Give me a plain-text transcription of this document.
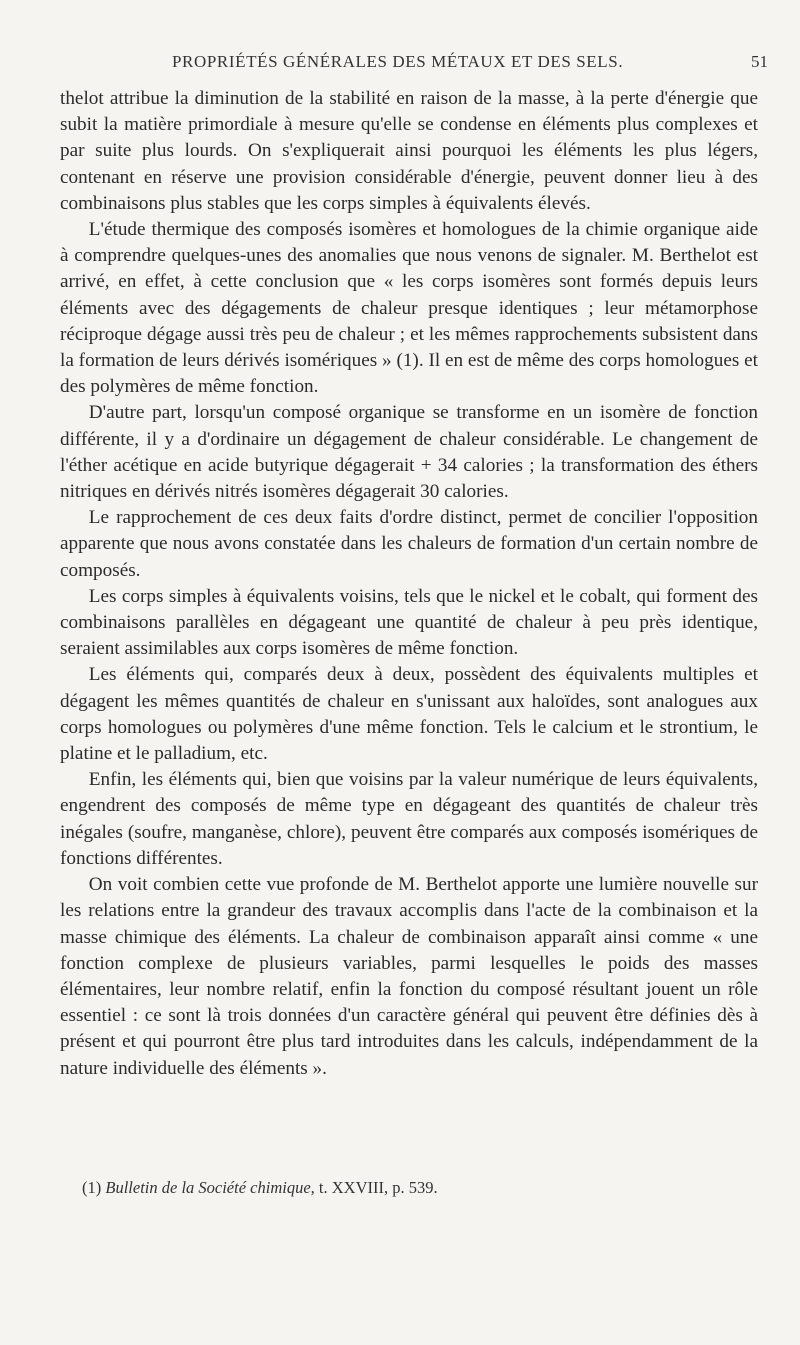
PROPRIÉTÉS GÉNÉRALES DES MÉTAUX ET DES SELS.	51

thelot attribue la diminution de la stabilité en raison de la masse, à la perte d'énergie que subit la matière primordiale à mesure qu'elle se condense en éléments plus complexes et par suite plus lourds. On s'expliquerait ainsi pourquoi les éléments les plus légers, contenant en réserve une provision considérable d'énergie, peuvent donner lieu à des combinaisons plus stables que les corps simples à équivalents élevés.

L'étude thermique des composés isomères et homologues de la chimie organique aide à comprendre quelques-unes des anomalies que nous venons de signaler. M. Berthelot est arrivé, en effet, à cette conclusion que « les corps isomères sont formés depuis leurs éléments avec des dégagements de chaleur presque identiques ; leur métamorphose réciproque dégage aussi très peu de chaleur ; et les mêmes rapprochements subsistent dans la formation de leurs dérivés isomériques » (1). Il en est de même des corps homologues et des polymères de même fonction.

D'autre part, lorsqu'un composé organique se transforme en un isomère de fonction différente, il y a d'ordinaire un dégagement de chaleur considérable. Le changement de l'éther acétique en acide butyrique dégagerait + 34 calories ; la transformation des éthers nitriques en dérivés nitrés isomères dégagerait 30 calories.

Le rapprochement de ces deux faits d'ordre distinct, permet de concilier l'opposition apparente que nous avons constatée dans les chaleurs de formation d'un certain nombre de composés.

Les corps simples à équivalents voisins, tels que le nickel et le cobalt, qui forment des combinaisons parallèles en dégageant une quantité de chaleur à peu près identique, seraient assimilables aux corps isomères de même fonction.

Les éléments qui, comparés deux à deux, possèdent des équivalents multiples et dégagent les mêmes quantités de chaleur en s'unissant aux haloïdes, sont analogues aux corps homologues ou polymères d'une même fonction. Tels le calcium et le strontium, le platine et le palladium, etc.

Enfin, les éléments qui, bien que voisins par la valeur numérique de leurs équivalents, engendrent des composés de même type en dégageant des quantités de chaleur très inégales (soufre, manganèse, chlore), peuvent être comparés aux composés isomériques de fonctions différentes.

On voit combien cette vue profonde de M. Berthelot apporte une lumière nouvelle sur les relations entre la grandeur des travaux accomplis dans l'acte de la combinaison et la masse chimique des éléments. La chaleur de combinaison apparaît ainsi comme « une fonction complexe de plusieurs variables, parmi lesquelles le poids des masses élémentaires, leur nombre relatif, enfin la fonction du composé résultant jouent un rôle essentiel : ce sont là trois données d'un caractère général qui peuvent être définies dès à présent et qui pourront être plus tard introduites dans les calculs, indépendamment de la nature individuelle des éléments ».

(1) Bulletin de la Société chimique, t. XXVIII, p. 539.
